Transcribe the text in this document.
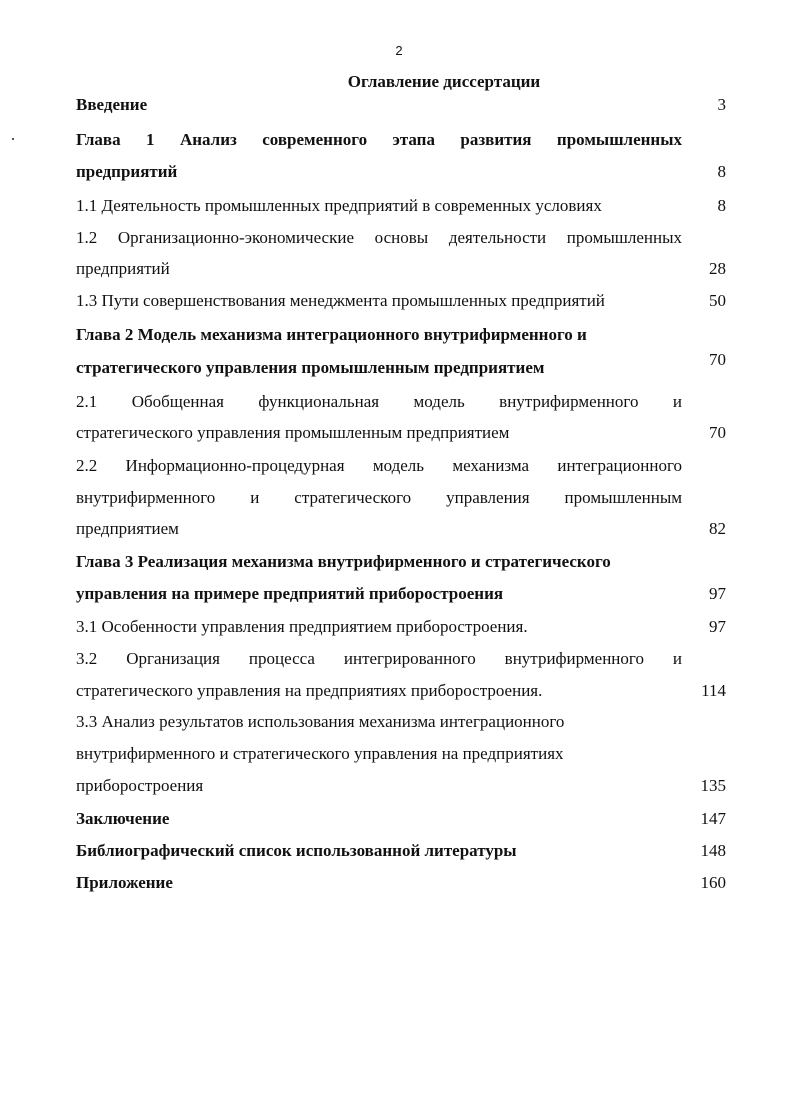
2
Оглавление диссертации
Введение	3
Глава 1 Анализ современного этапа развития промышленных
предприятий	8
1.1 Деятельность промышленных предприятий в современных условиях	8
1.2 Организационно-экономические основы деятельности промышленных
предприятий	28
1.3 Пути совершенствования менеджмента промышленных предприятий	50
Глава 2 Модель механизма интеграционного внутрифирменного и
стратегического управления промышленным предприятием	70
2.1 Обобщенная функциональная модель внутрифирменного и
стратегического управления промышленным предприятием	70
2.2 Информационно-процедурная модель механизма интеграционного
внутрифирменного и стратегического управления промышленным
предприятием	82
Глава 3 Реализация механизма внутрифирменного и стратегического
управления на примере предприятий приборостроения	97
3.1 Особенности управления предприятием приборостроения.	97
3.2 Организация процесса интегрированного внутрифирменного и
стратегического управления на предприятиях приборостроения.	114
3.3 Анализ результатов использования механизма интеграционного
внутрифирменного и стратегического управления на предприятиях
приборостроения	135
Заключение	147
Библиографический список использованной литературы	148
Приложение	160
